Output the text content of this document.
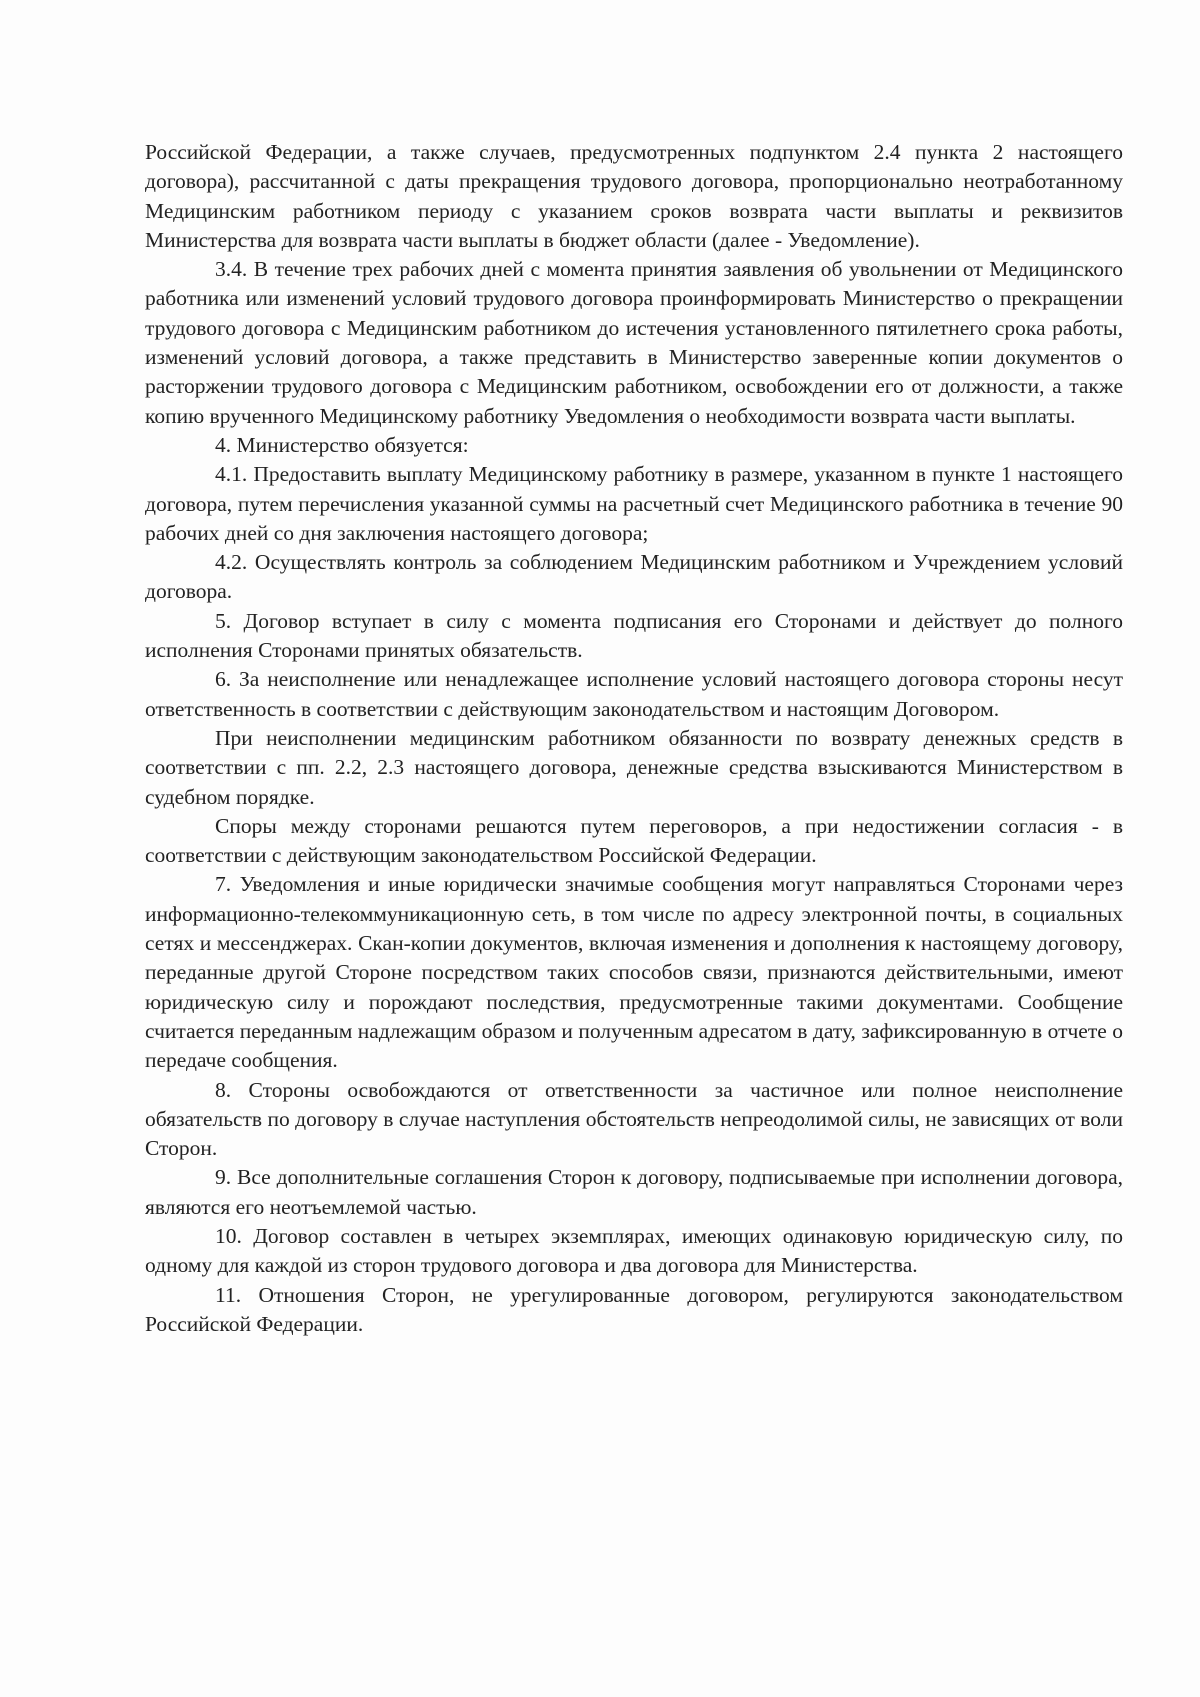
Российской Федерации, а также случаев, предусмотренных подпунктом 2.4 пункта 2 настоящего договора), рассчитанной с даты прекращения трудового договора, пропорционально неотработанному Медицинским работником периоду с указанием сроков возврата части выплаты и реквизитов Министерства для возврата части выплаты в бюджет области (далее - Уведомление).

3.4. В течение трех рабочих дней с момента принятия заявления об увольнении от Медицинского работника или изменений условий трудового договора проинформировать Министерство о прекращении трудового договора с Медицинским работником до истечения установленного пятилетнего срока работы, изменений условий договора, а также представить в Министерство заверенные копии документов о расторжении трудового договора с Медицинским работником, освобождении его от должности, а также копию врученного Медицинскому работнику Уведомления о необходимости возврата части выплаты.

4. Министерство обязуется:

4.1. Предоставить выплату Медицинскому работнику в размере, указанном в пункте 1 настоящего договора, путем перечисления указанной суммы на расчетный счет Медицинского работника в течение 90 рабочих дней со дня заключения настоящего договора;

4.2. Осуществлять контроль за соблюдением Медицинским работником и Учреждением условий договора.

5. Договор вступает в силу с момента подписания его Сторонами и действует до полного исполнения Сторонами принятых обязательств.

6. За неисполнение или ненадлежащее исполнение условий настоящего договора стороны несут ответственность в соответствии с действующим законодательством и настоящим Договором.

При неисполнении медицинским работником обязанности по возврату денежных средств в соответствии с пп. 2.2, 2.3 настоящего договора, денежные средства взыскиваются Министерством в судебном порядке.

Споры между сторонами решаются путем переговоров, а при недостижении согласия - в соответствии с действующим законодательством Российской Федерации.

7. Уведомления и иные юридически значимые сообщения могут направляться Сторонами через информационно-телекоммуникационную сеть, в том числе по адресу электронной почты, в социальных сетях и мессенджерах. Скан-копии документов, включая изменения и дополнения к настоящему договору, переданные другой Стороне посредством таких способов связи, признаются действительными, имеют юридическую силу и порождают последствия, предусмотренные такими документами. Сообщение считается переданным надлежащим образом и полученным адресатом в дату, зафиксированную в отчете о передаче сообщения.

8. Стороны освобождаются от ответственности за частичное или полное неисполнение обязательств по договору в случае наступления обстоятельств непреодолимой силы, не зависящих от воли Сторон.

9. Все дополнительные соглашения Сторон к договору, подписываемые при исполнении договора, являются его неотъемлемой частью.

10. Договор составлен в четырех экземплярах, имеющих одинаковую юридическую силу, по одному для каждой из сторон трудового договора и два договора для Министерства.

11. Отношения Сторон, не урегулированные договором, регулируются законодательством Российской Федерации.
